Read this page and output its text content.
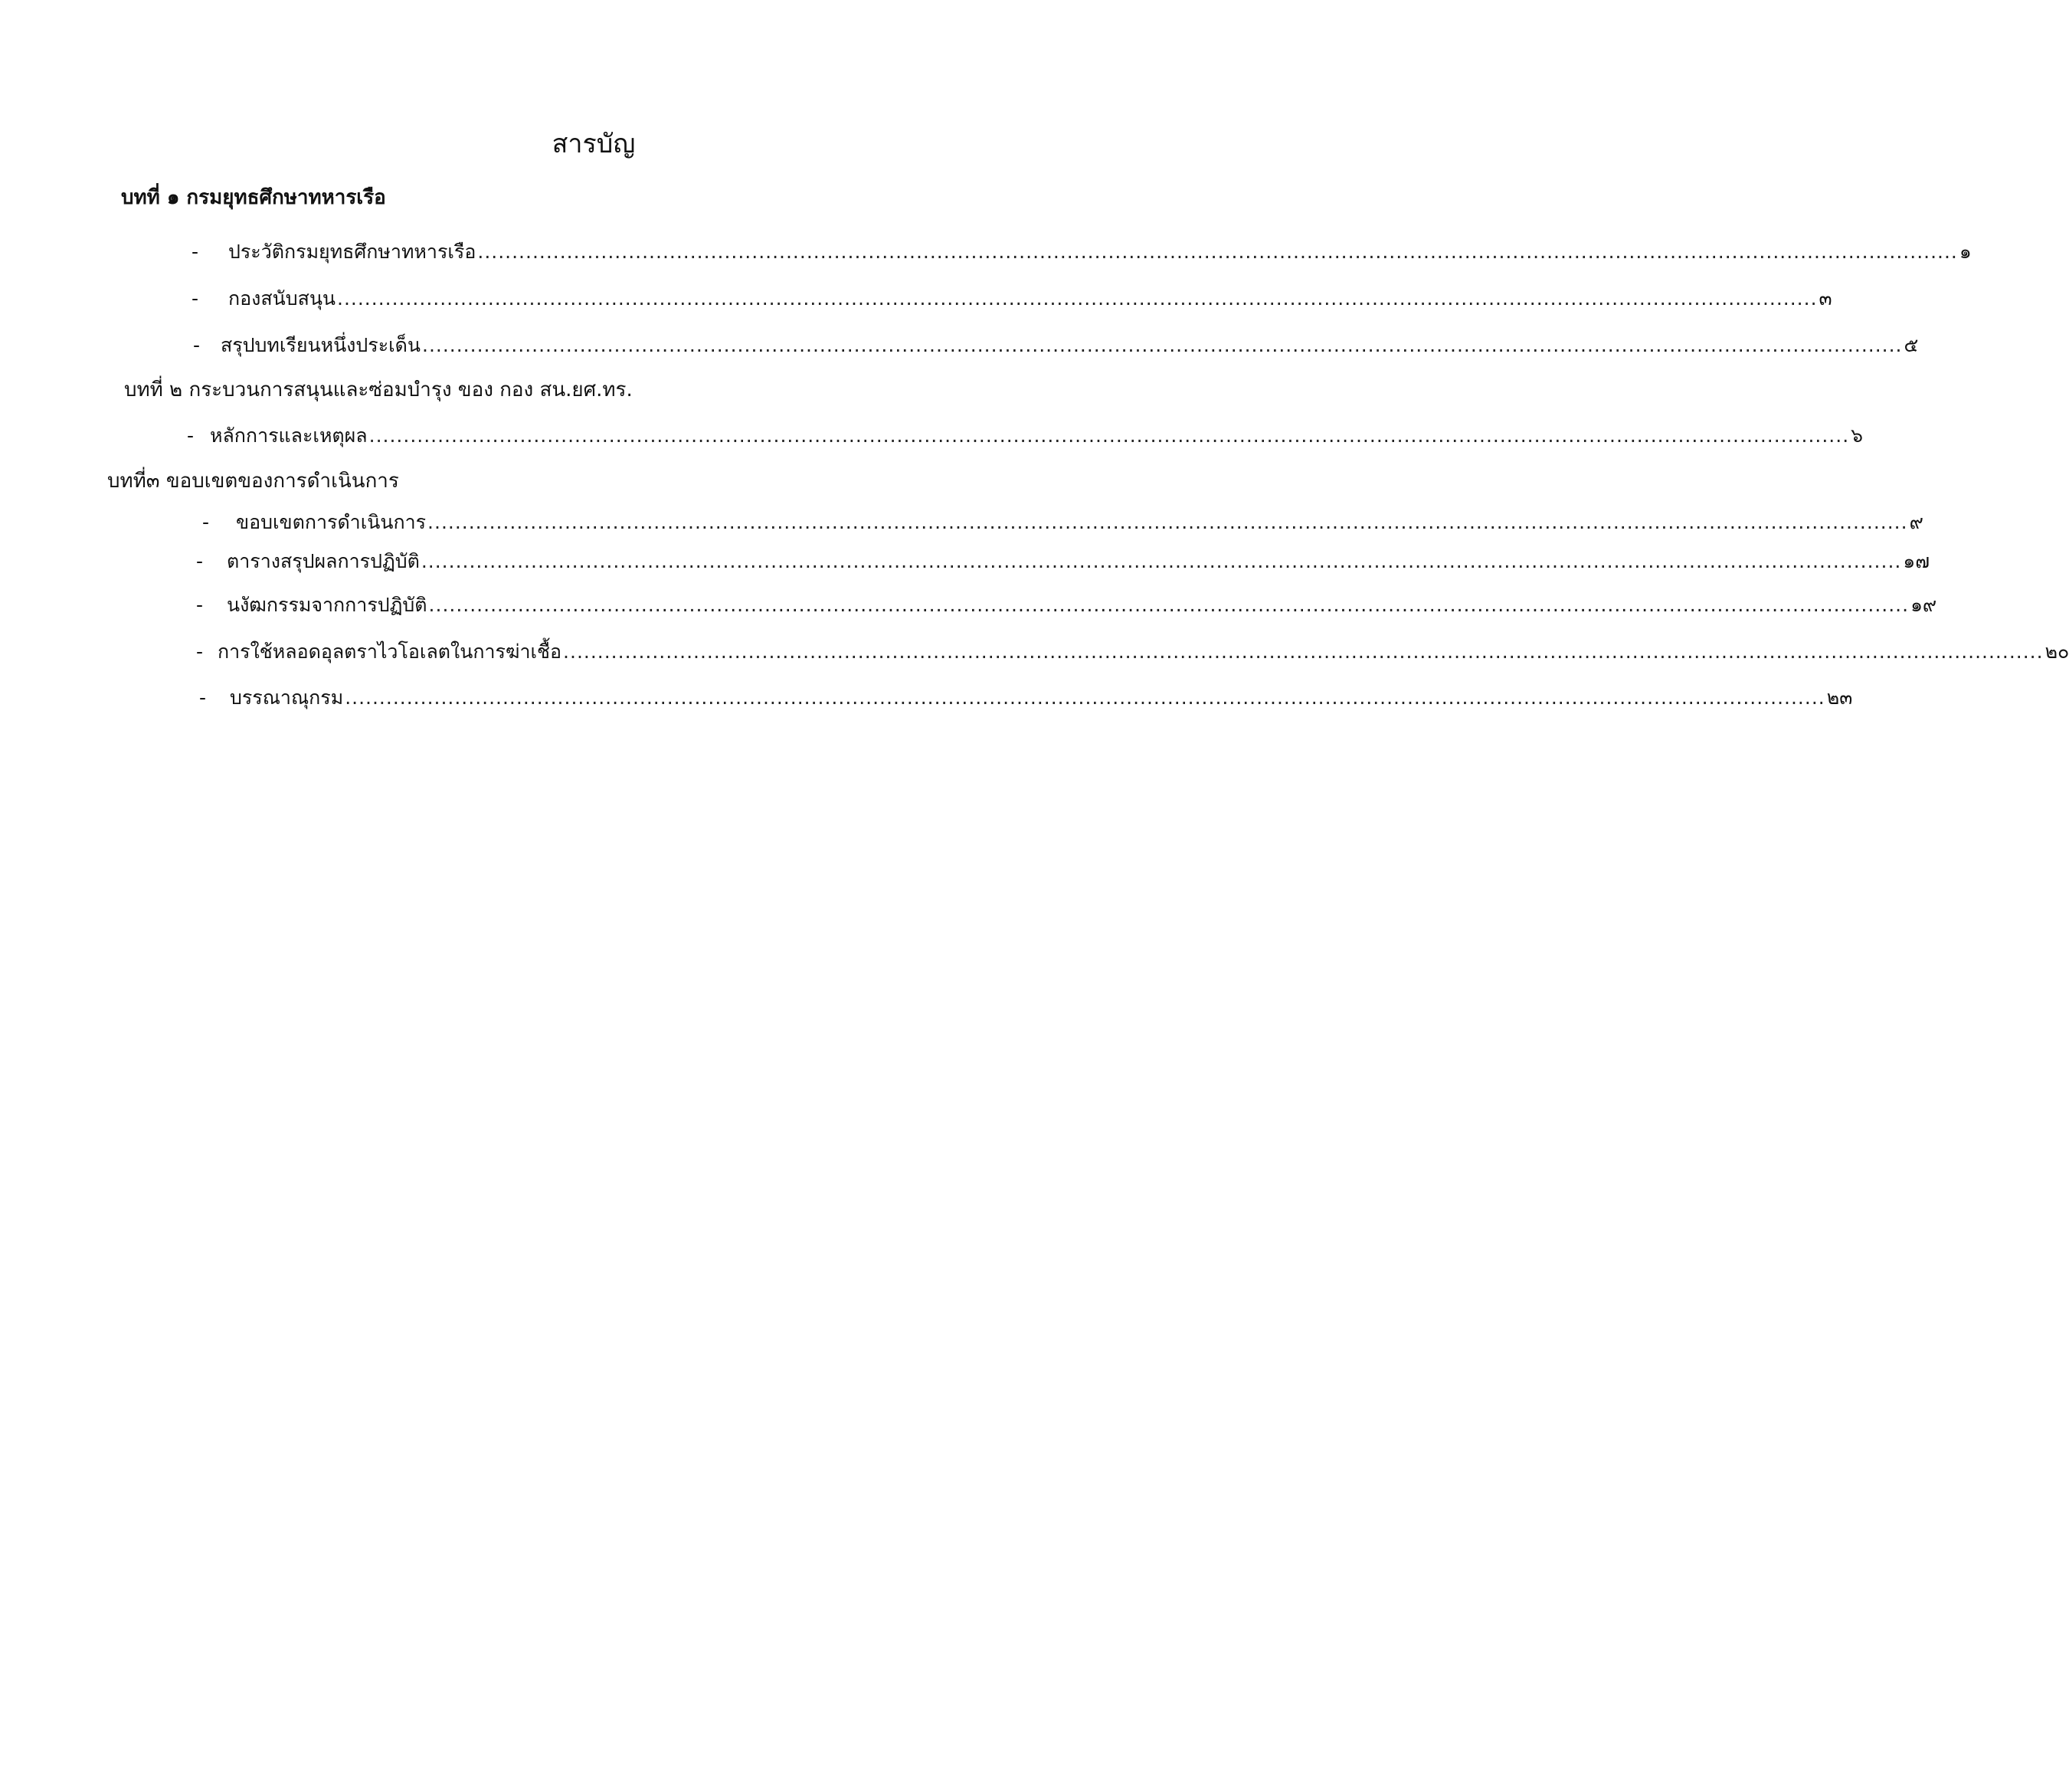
สารบัญ
บทที่ ๑ กรมยุทธศึกษาทหารเรือ
-	ประวัติกรมยุทธศึกษาทหารเรือ ........................................................................................................................................................................................................................ ๑
-	กองสนับสนุน ........................................................................................................................................................................................................................ ๓
-	สรุปบทเรียนหนึ่งประเด็น ........................................................................................................................................................................................................................ ๕
บทที่ ๒ กระบวนการสนุนและซ่อมบำรุง ของ กอง สน.ยศ.ทร.
- หลักการและเหตุผล ........................................................................................................................................................................................................................ ๖
บทที่๓ ขอบเขตของการดำเนินการ
-	ขอบเขตการดำเนินการ ........................................................................................................................................................................................................................ ๙
-	ตารางสรุปผลการปฏิบัติ ........................................................................................................................................................................................................................ ๑๗
-	นงัฒกรรมจากการปฏิบัติ ........................................................................................................................................................................................................................ ๑๙
- การใช้หลอดอุลตราไวโอเลตในการฆ่าเชื้อ ........................................................................................................................................................................................................................ ๒๐
-	บรรณาณุกรม ........................................................................................................................................................................................................................ ๒๓
